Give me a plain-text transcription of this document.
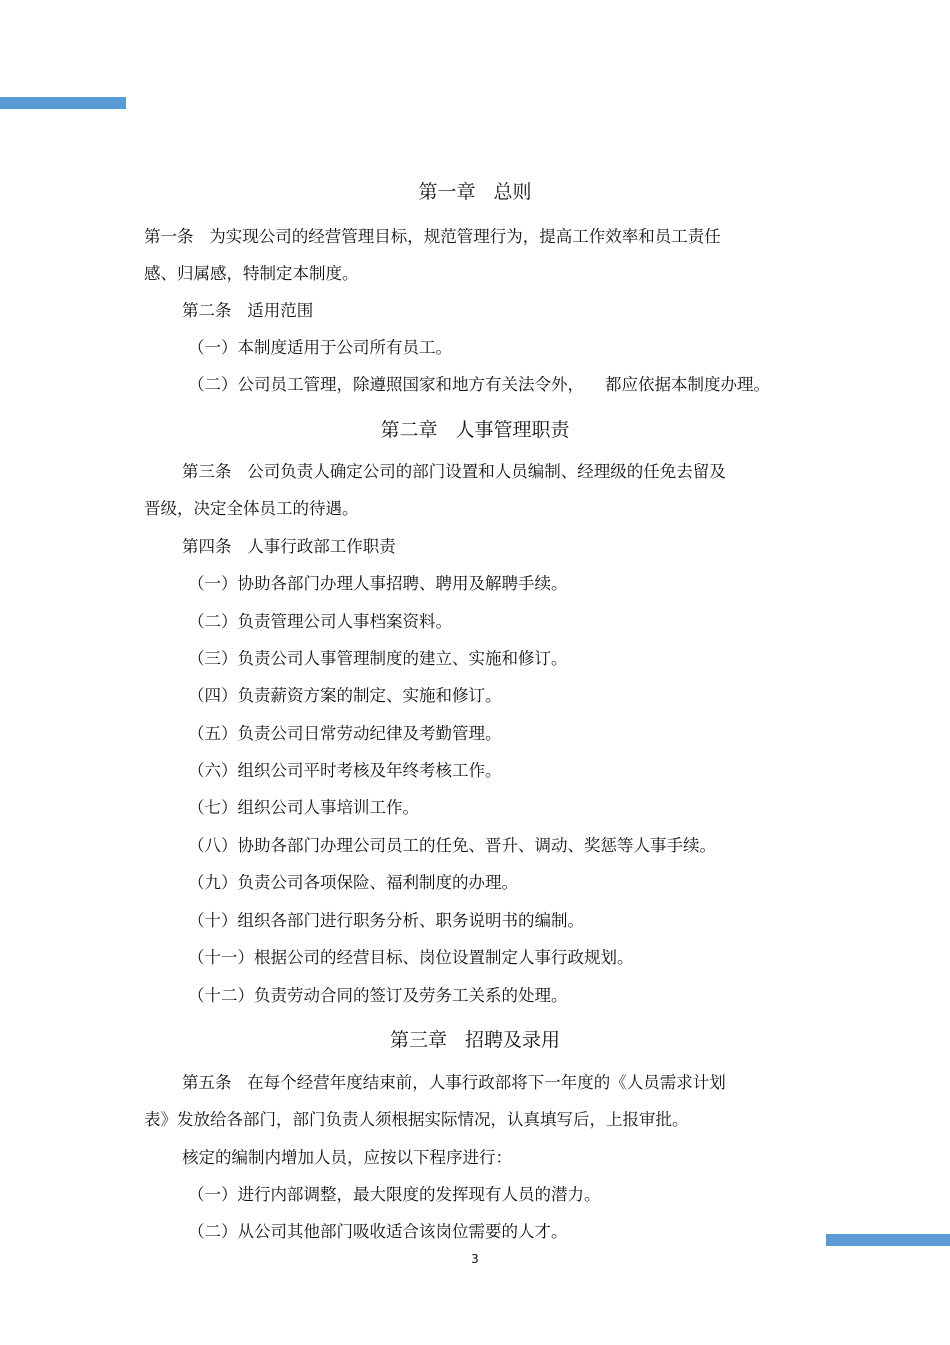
第一章   总则
第一条   为实现公司的经营管理目标，规范管理行为，提高工作效率和员工责任
感、归属感，特制定本制度。
第二条   适用范围
（一）本制度适用于公司所有员工。
（二）公司员工管理，除遵照国家和地方有关法令外，    都应依据本制度办理。
第二章   人事管理职责
第三条   公司负责人确定公司的部门设置和人员编制、经理级的任免去留及
晋级，决定全体员工的待遇。
第四条   人事行政部工作职责
（一）协助各部门办理人事招聘、聘用及解聘手续。
（二）负责管理公司人事档案资料。
（三）负责公司人事管理制度的建立、实施和修订。
（四）负责薪资方案的制定、实施和修订。
（五）负责公司日常劳动纪律及考勤管理。
（六）组织公司平时考核及年终考核工作。
（七）组织公司人事培训工作。
（八）协助各部门办理公司员工的任免、晋升、调动、奖惩等人事手续。
（九）负责公司各项保险、福利制度的办理。
（十）组织各部门进行职务分析、职务说明书的编制。
（十一）根据公司的经营目标、岗位设置制定人事行政规划。
（十二）负责劳动合同的签订及劳务工关系的处理。
第三章   招聘及录用
第五条   在每个经营年度结束前，人事行政部将下一年度的《人员需求计划
表》发放给各部门，部门负责人须根据实际情况，认真填写后，上报审批。
核定的编制内增加人员，应按以下程序进行：
（一）进行内部调整，最大限度的发挥现有人员的潜力。
（二）从公司其他部门吸收适合该岗位需要的人才。
3
